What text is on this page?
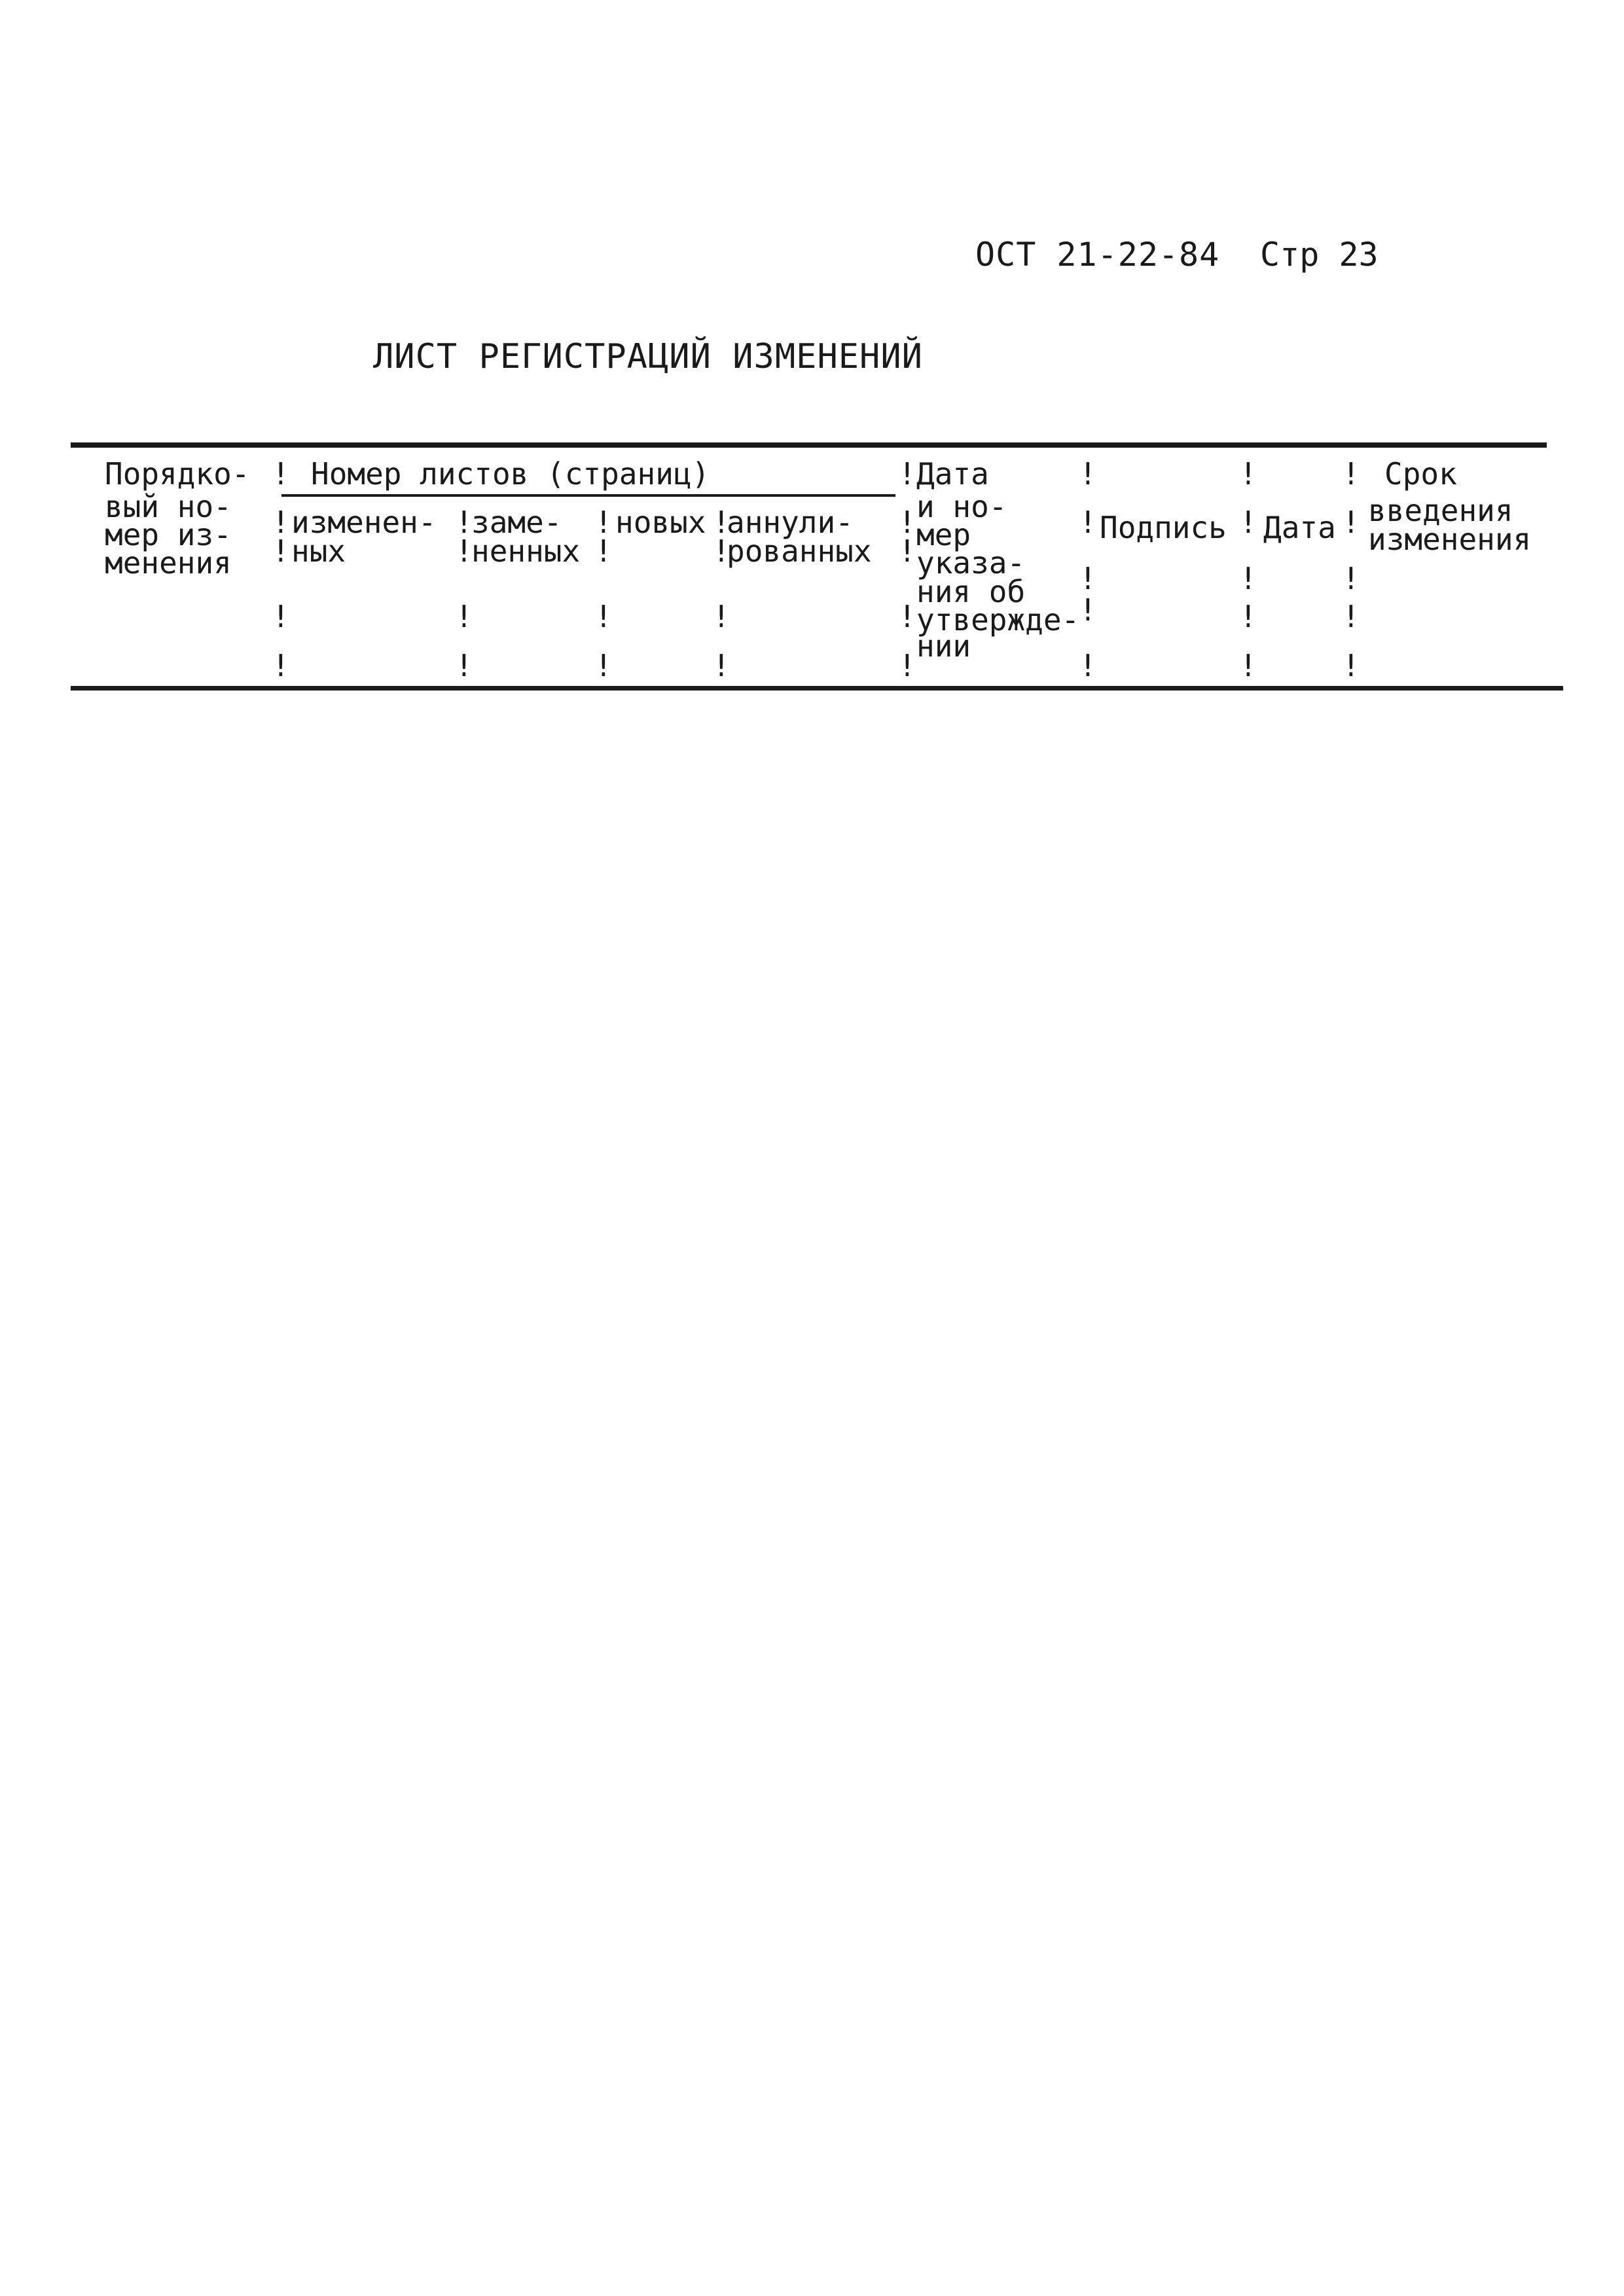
ОСТ 21-22-84 Стр 23
ЛИСТ РЕГИСТРАЦИЙ ИЗМЕНЕНИЙ
Порядко-
вый но-
мер из-
менения
Номер листов (страниц)
изменен-
ных
заме-
ненных
новых аннули-
рованных
Дата
и но-
мер
указа-
ния об
утвержде-
нии
Подпись Дата
Срок
введения
изменения
!
!
!
!
!
!
!
!
!
!
!
!
!
!
!
!
!
!
!
!
!
!
!
!
!
!
!
!
!
!
!
!
!
!
!
!
!
